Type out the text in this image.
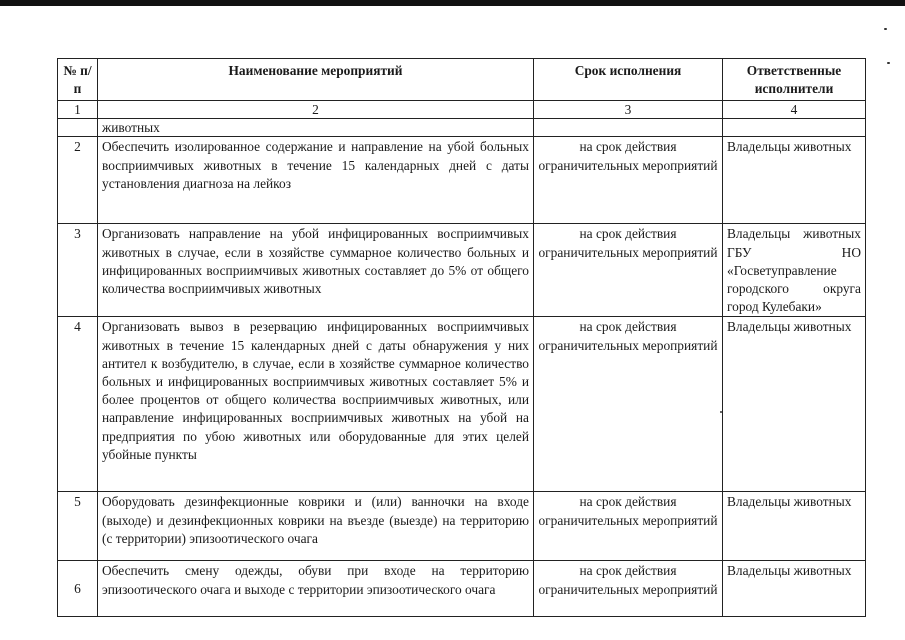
№ п/п	Наименование мероприятий	Срок исполнения	Ответственные исполнители
1	2	3	4
	животных		
2	Обеспечить изолированное содержание и направление на убой больных восприимчивых животных в течение 15 календарных дней с даты установления диагноза на лейкоз	на срок действия ограничительных мероприятий	Владельцы животных
3	Организовать направление на убой инфицированных восприимчивых животных в случае, если в хозяйстве суммарное количество больных и инфицированных восприимчивых животных составляет до 5% от общего количества восприимчивых животных	на срок действия ограничительных мероприятий	Владельцы животных ГБУ НО «Госветуправление городского округа город Кулебаки»
4	Организовать вывоз в резервацию инфицированных восприимчивых животных в течение 15 календарных дней с даты обнаружения у них антител к возбудителю, в случае, если в хозяйстве суммарное количество больных и инфицированных восприимчивых животных составляет 5% и более процентов от общего количества восприимчивых животных, или направление инфицированных восприимчивых животных на убой на предприятия по убою животных или оборудованные для этих целей убойные пункты	на срок действия ограничительных мероприятий	Владельцы животных
5	Оборудовать дезинфекционные коврики и (или) ванночки на входе (выходе) и дезинфекционных коврики на въезде (выезде) на территорию (с территории) эпизоотического очага	на срок действия ограничительных мероприятий	Владельцы животных
6	Обеспечить смену одежды, обуви при входе на территорию эпизоотического очага и выходе с территории эпизоотического очага	на срок действия ограничительных мероприятий	Владельцы животных
